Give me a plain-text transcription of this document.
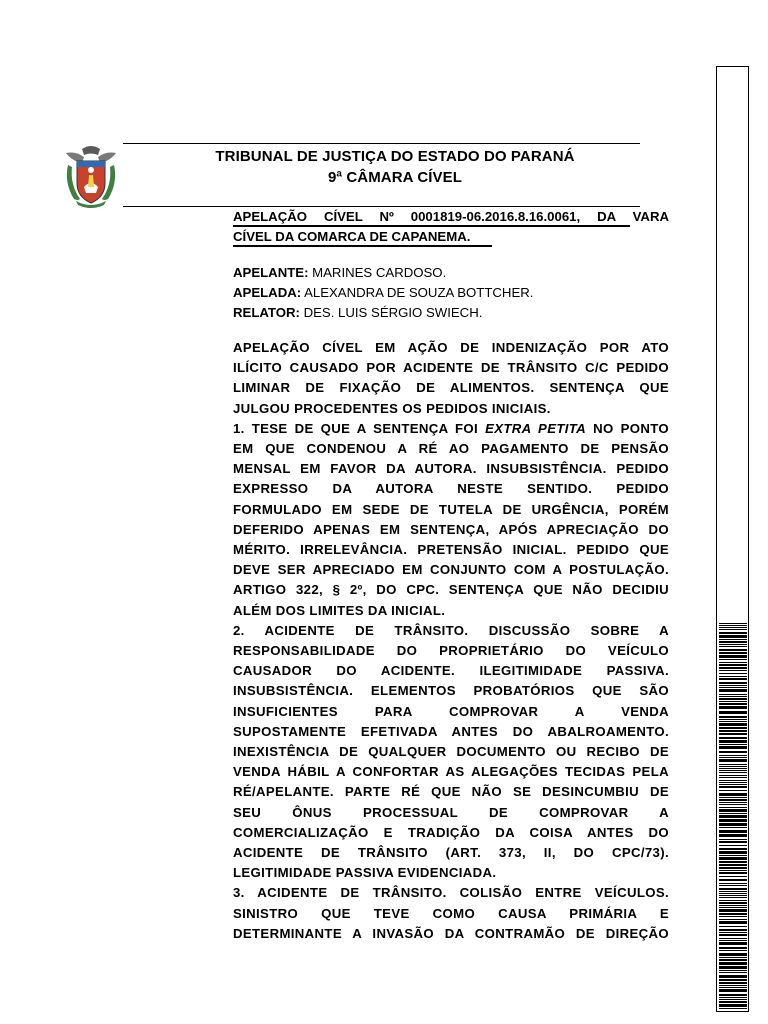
TRIBUNAL DE JUSTIÇA DO ESTADO DO PARANÁ
9ª CÂMARA CÍVEL
APELAÇÃO CÍVEL Nº 0001819-06.2016.8.16.0061, DA VARA
CÍVEL DA COMARCA DE CAPANEMA.
APELANTE: MARINES CARDOSO.
APELADA: ALEXANDRA DE SOUZA BOTTCHER.
RELATOR: DES. LUIS SÉRGIO SWIECH.
APELAÇÃO CÍVEL EM AÇÃO DE INDENIZAÇÃO POR ATO
ILÍCITO CAUSADO POR ACIDENTE DE TRÂNSITO C/C PEDIDO
LIMINAR DE FIXAÇÃO DE ALIMENTOS. SENTENÇA QUE
JULGOU PROCEDENTES OS PEDIDOS INICIAIS.
1. TESE DE QUE A SENTENÇA FOI EXTRA PETITA NO PONTO
EM QUE CONDENOU A RÉ AO PAGAMENTO DE PENSÃO
MENSAL EM FAVOR DA AUTORA. INSUBSISTÊNCIA. PEDIDO
EXPRESSO DA AUTORA NESTE SENTIDO. PEDIDO
FORMULADO EM SEDE DE TUTELA DE URGÊNCIA, PORÉM
DEFERIDO APENAS EM SENTENÇA, APÓS APRECIAÇÃO DO
MÉRITO. IRRELEVÂNCIA. PRETENSÃO INICIAL. PEDIDO QUE
DEVE SER APRECIADO EM CONJUNTO COM A POSTULAÇÃO.
ARTIGO 322, § 2º, DO CPC. SENTENÇA QUE NÃO DECIDIU
ALÉM DOS LIMITES DA INICIAL.
2. ACIDENTE DE TRÂNSITO. DISCUSSÃO SOBRE A
RESPONSABILIDADE DO PROPRIETÁRIO DO VEÍCULO
CAUSADOR DO ACIDENTE. ILEGITIMIDADE PASSIVA.
INSUBSISTÊNCIA. ELEMENTOS PROBATÓRIOS QUE SÃO
INSUFICIENTES PARA COMPROVAR A VENDA
SUPOSTAMENTE EFETIVADA ANTES DO ABALROAMENTO.
INEXISTÊNCIA DE QUALQUER DOCUMENTO OU RECIBO DE
VENDA HÁBIL A CONFORTAR AS ALEGAÇÕES TECIDAS PELA
RÉ/APELANTE. PARTE RÉ QUE NÃO SE DESINCUMBIU DE
SEU ÔNUS PROCESSUAL DE COMPROVAR A
COMERCIALIZAÇÃO E TRADIÇÃO DA COISA ANTES DO
ACIDENTE DE TRÂNSITO (ART. 373, II, DO CPC/73).
LEGITIMIDADE PASSIVA EVIDENCIADA.
3. ACIDENTE DE TRÂNSITO. COLISÃO ENTRE VEÍCULOS.
SINISTRO QUE TEVE COMO CAUSA PRIMÁRIA E
DETERMINANTE A INVASÃO DA CONTRAMÃO DE DIREÇÃO
